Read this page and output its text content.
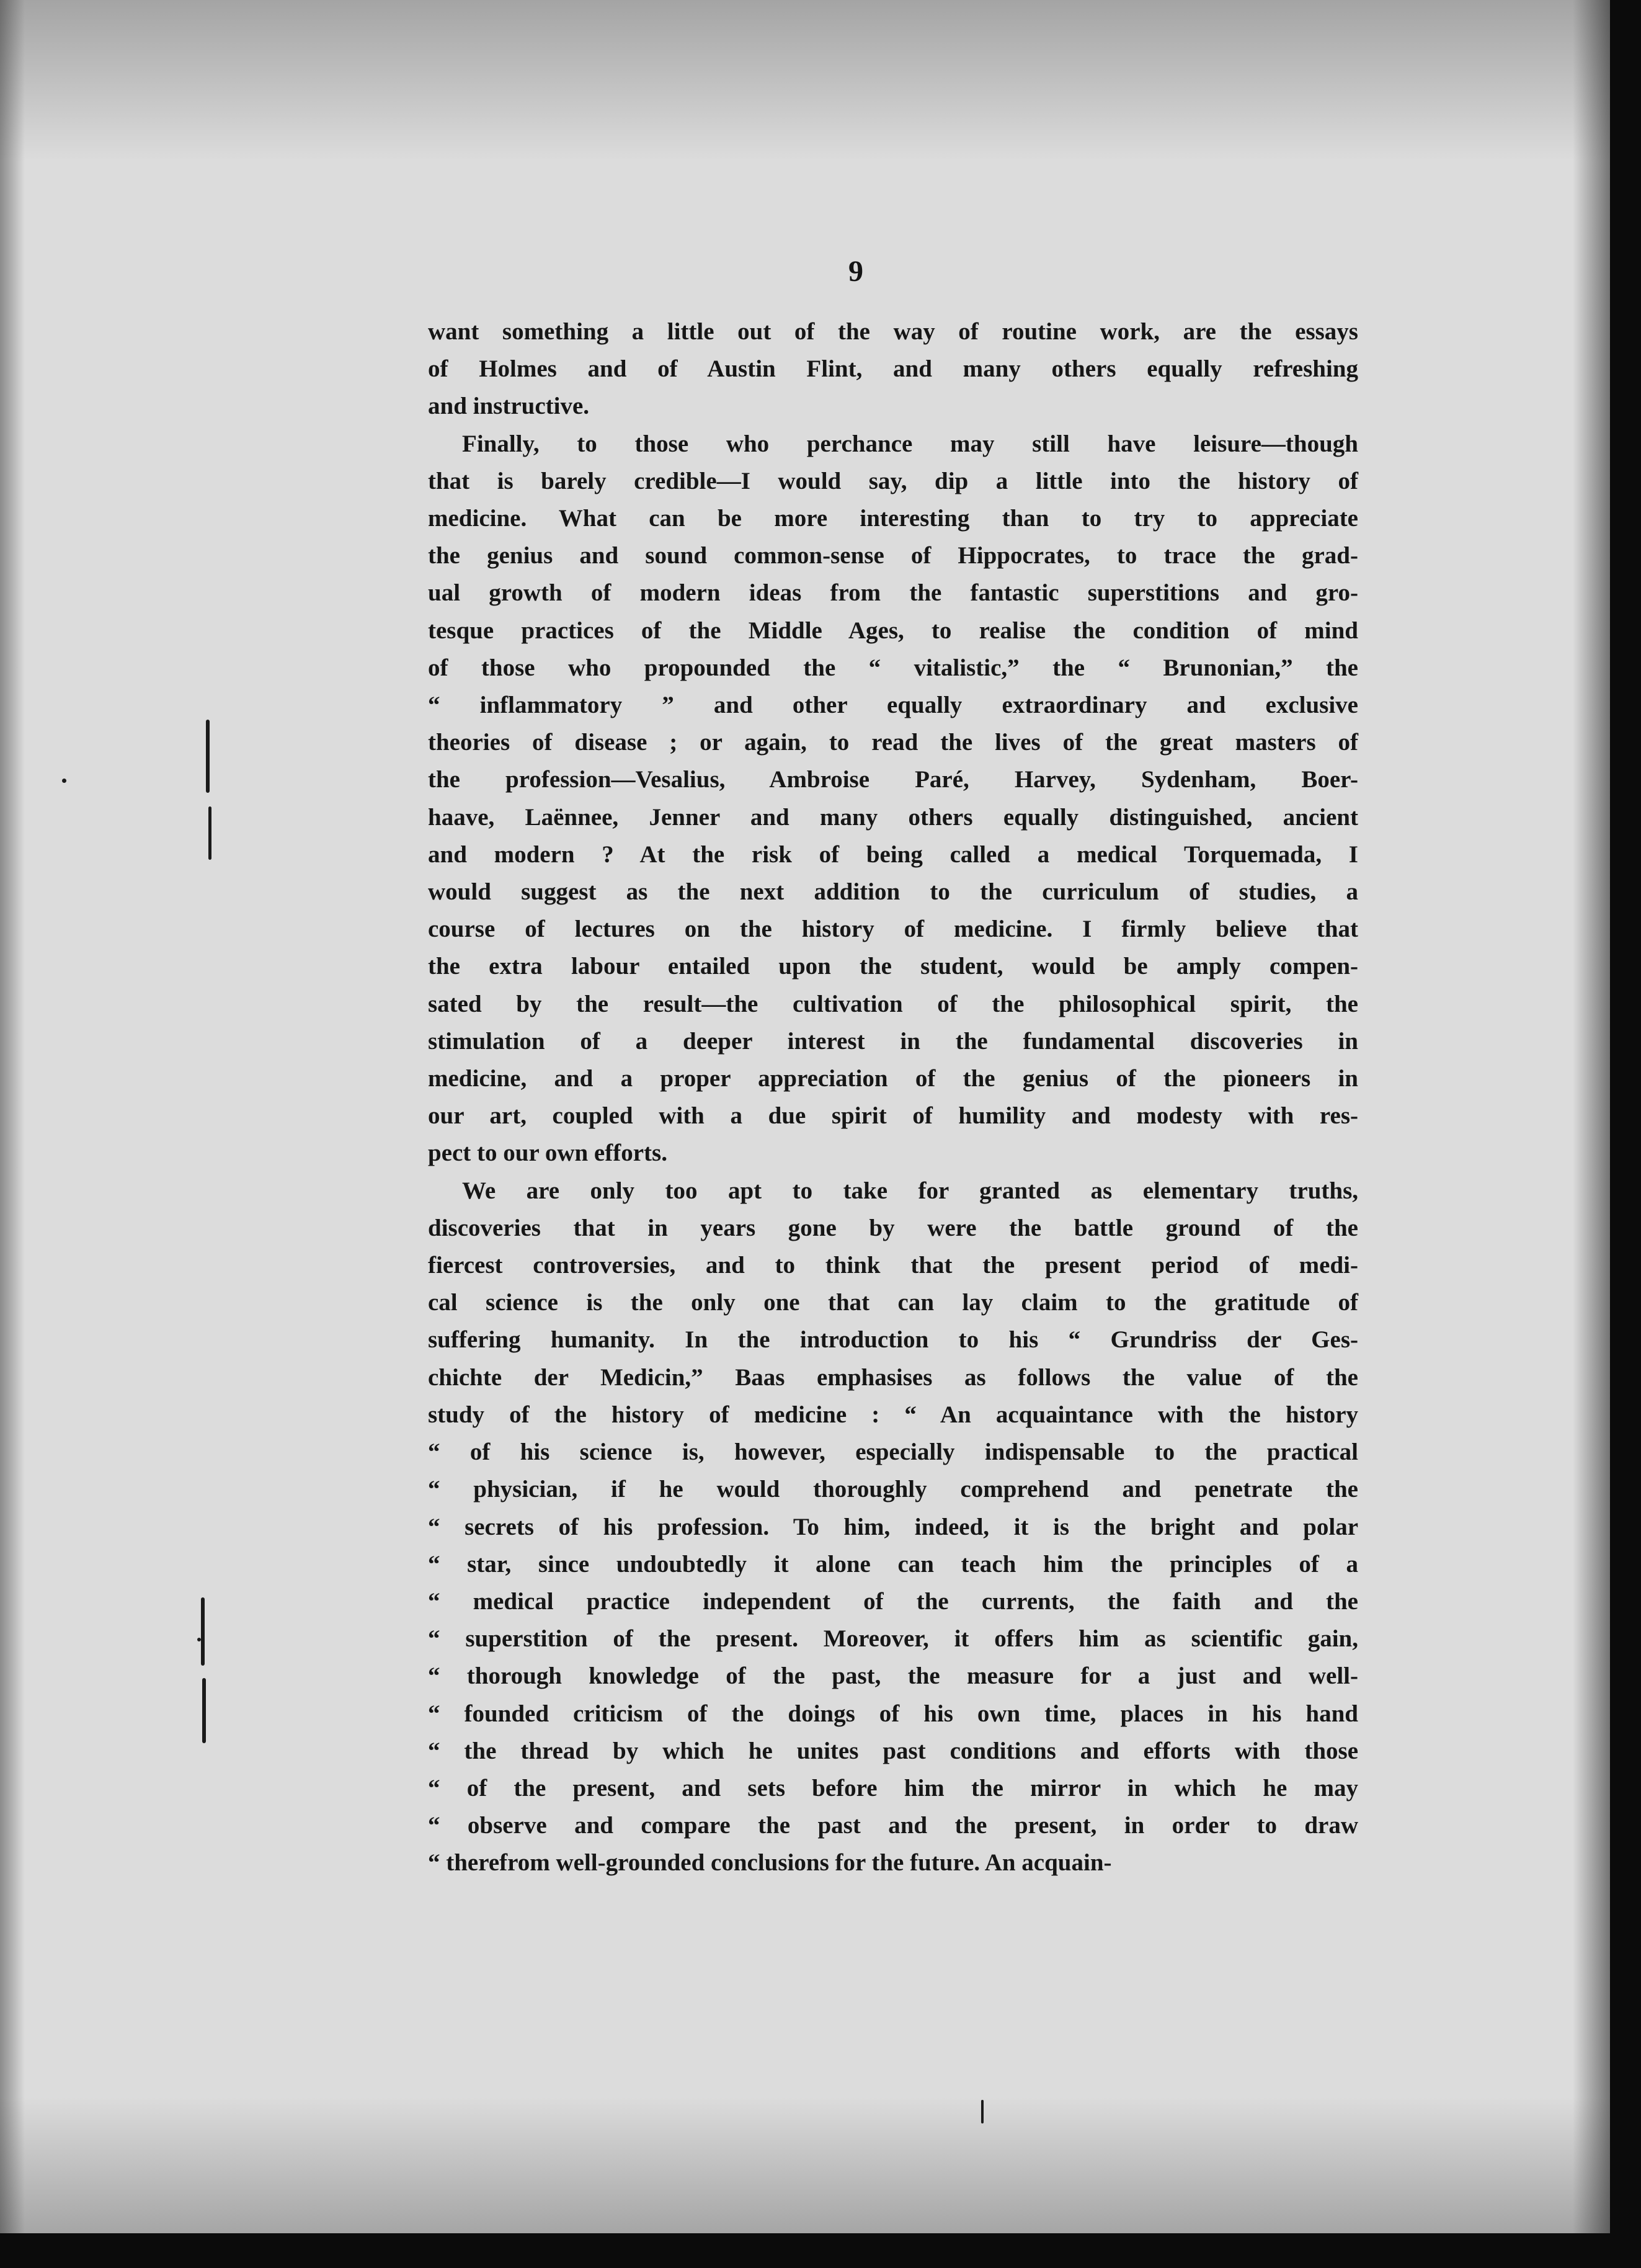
9

want something a little out of the way of routine work, are the essays
of Holmes and of Austin Flint, and many others equally refreshing
and instructive.

Finally, to those who perchance may still have leisure—though
that is barely credible—I would say, dip a little into the history of
medicine. What can be more interesting than to try to appreciate
the genius and sound common-sense of Hippocrates, to trace the grad-
ual growth of modern ideas from the fantastic superstitions and gro-
tesque practices of the Middle Ages, to realise the condition of mind
of those who propounded the “ vitalistic,” the “ Brunonian,” the
“ inflammatory ” and other equally extraordinary and exclusive
theories of disease ; or again, to read the lives of the great masters of
the profession—Vesalius, Ambroise Paré, Harvey, Sydenham, Boer-
haave, Laënnee, Jenner and many others equally distinguished, ancient
and modern ? At the risk of being called a medical Torquemada, I
would suggest as the next addition to the curriculum of studies, a
course of lectures on the history of medicine. I firmly believe that
the extra labour entailed upon the student, would be amply compen-
sated by the result—the cultivation of the philosophical spirit, the
stimulation of a deeper interest in the fundamental discoveries in
medicine, and a proper appreciation of the genius of the pioneers in
our art, coupled with a due spirit of humility and modesty with res-
pect to our own efforts.

We are only too apt to take for granted as elementary truths,
discoveries that in years gone by were the battle ground of the
fiercest controversies, and to think that the present period of medi-
cal science is the only one that can lay claim to the gratitude of
suffering humanity. In the introduction to his “ Grundriss der Ges-
chichte der Medicin,” Baas emphasises as follows the value of the
study of the history of medicine : “ An acquaintance with the history
“ of his science is, however, especially indispensable to the practical
“ physician, if he would thoroughly comprehend and penetrate the
“ secrets of his profession. To him, indeed, it is the bright and polar
“ star, since undoubtedly it alone can teach him the principles of a
“ medical practice independent of the currents, the faith and the
“ superstition of the present. Moreover, it offers him as scientific gain,
“ thorough knowledge of the past, the measure for a just and well-
“ founded criticism of the doings of his own time, places in his hand
“ the thread by which he unites past conditions and efforts with those
“ of the present, and sets before him the mirror in which he may
“ observe and compare the past and the present, in order to draw
“ therefrom well-grounded conclusions for the future. An acquain-
